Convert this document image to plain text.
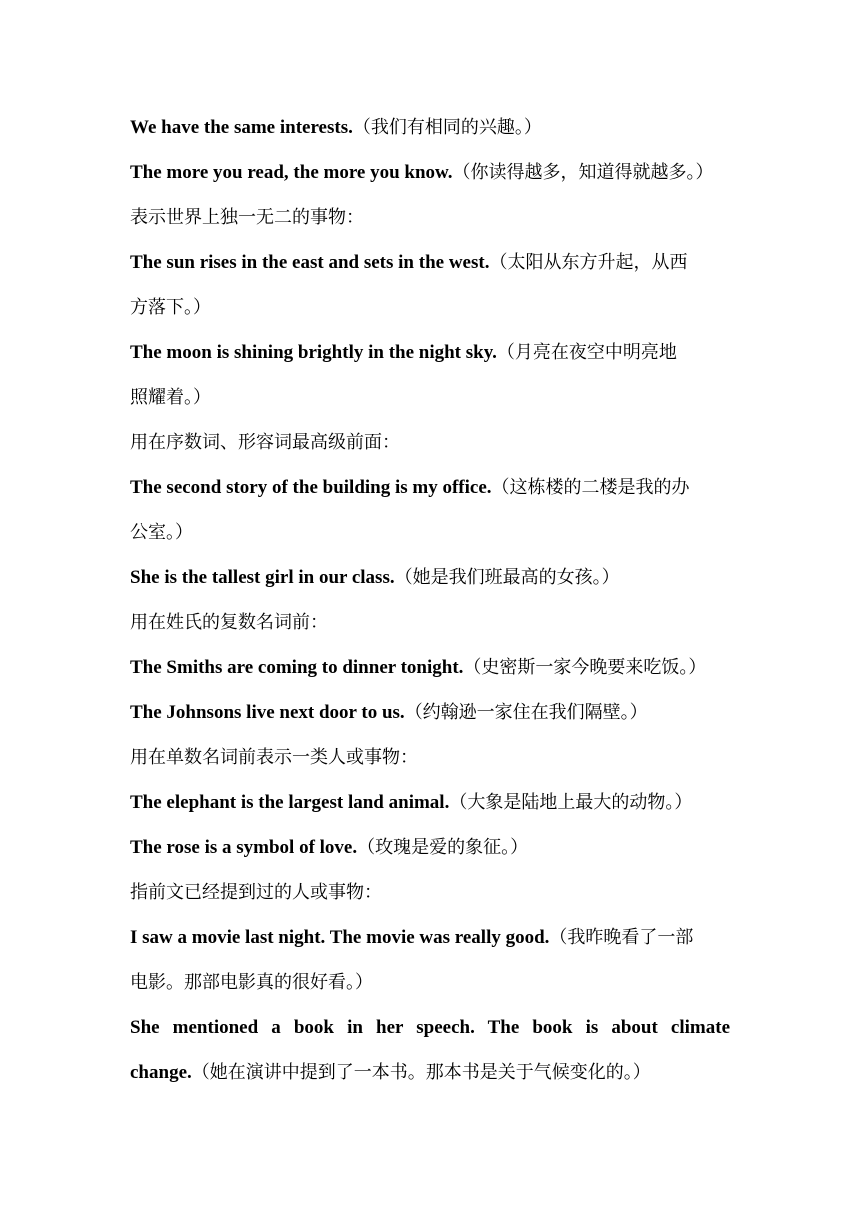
We have the same interests.（我们有相同的兴趣。）
The more you read, the more you know.（你读得越多，知道得就越多。）
表示世界上独一无二的事物：
The sun rises in the east and sets in the west.（太阳从东方升起，从西
方落下。）
The moon is shining brightly in the night sky.（月亮在夜空中明亮地
照耀着。）
用在序数词、形容词最高级前面：
The second story of the building is my office.（这栋楼的二楼是我的办
公室。）
She is the tallest girl in our class.（她是我们班最高的女孩。）
用在姓氏的复数名词前：
The Smiths are coming to dinner tonight.（史密斯一家今晚要来吃饭。）
The Johnsons live next door to us.（约翰逊一家住在我们隔壁。）
用在单数名词前表示一类人或事物：
The elephant is the largest land animal.（大象是陆地上最大的动物。）
The rose is a symbol of love.（玫瑰是爱的象征。）
指前文已经提到过的人或事物：
I saw a movie last night. The movie was really good.（我昨晚看了一部
电影。那部电影真的很好看。）
She mentioned a book in her speech. The book is about climate
change.（她在演讲中提到了一本书。那本书是关于气候变化的。）
